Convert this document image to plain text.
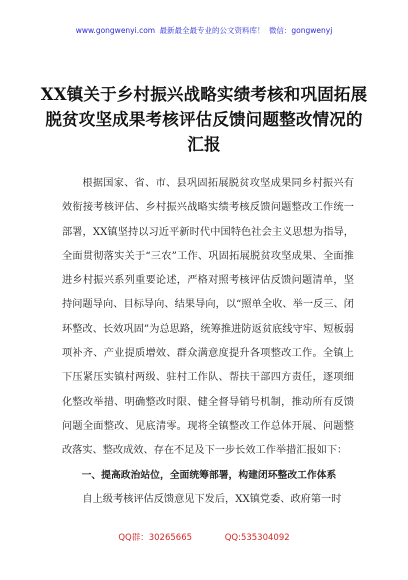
www.gongwenyi.com 最新最全最专业的公文资料库！ 微信：gongwenyj
XX镇关于乡村振兴战略实绩考核和巩固拓展脱贫攻坚成果考核评估反馈问题整改情况的汇报

根据国家、省、市、县巩固拓展脱贫攻坚成果同乡村振兴有效衔接考核评估、乡村振兴战略实绩考核反馈问题整改工作统一部署，XX镇坚持以习近平新时代中国特色社会主义思想为指导，全面贯彻落实关于“三农”工作、巩固拓展脱贫攻坚成果、全面推进乡村振兴系列重要论述，严格对照考核评估反馈问题清单，坚持问题导向、目标导向、结果导向，以“照单全收、举一反三、闭环整改、长效巩固”为总思路，统筹推进防返贫底线守牢、短板弱项补齐、产业提质增效、群众满意度提升各项整改工作。全镇上下压紧压实镇村两级、驻村工作队、帮扶干部四方责任，逐项细化整改举措、明确整改时限、健全督导销号机制，推动所有反馈问题全面整改、见底清零。现将全镇整改工作总体开展、问题整改落实、整改成效、存在不足及下一步长效工作举措汇报如下：

一、提高政治站位，全面统筹部署，构建闭环整改工作体系

自上级考核评估反馈意见下发后，XX镇党委、政府第一时

QQ群：30265665	QQ:535304092
